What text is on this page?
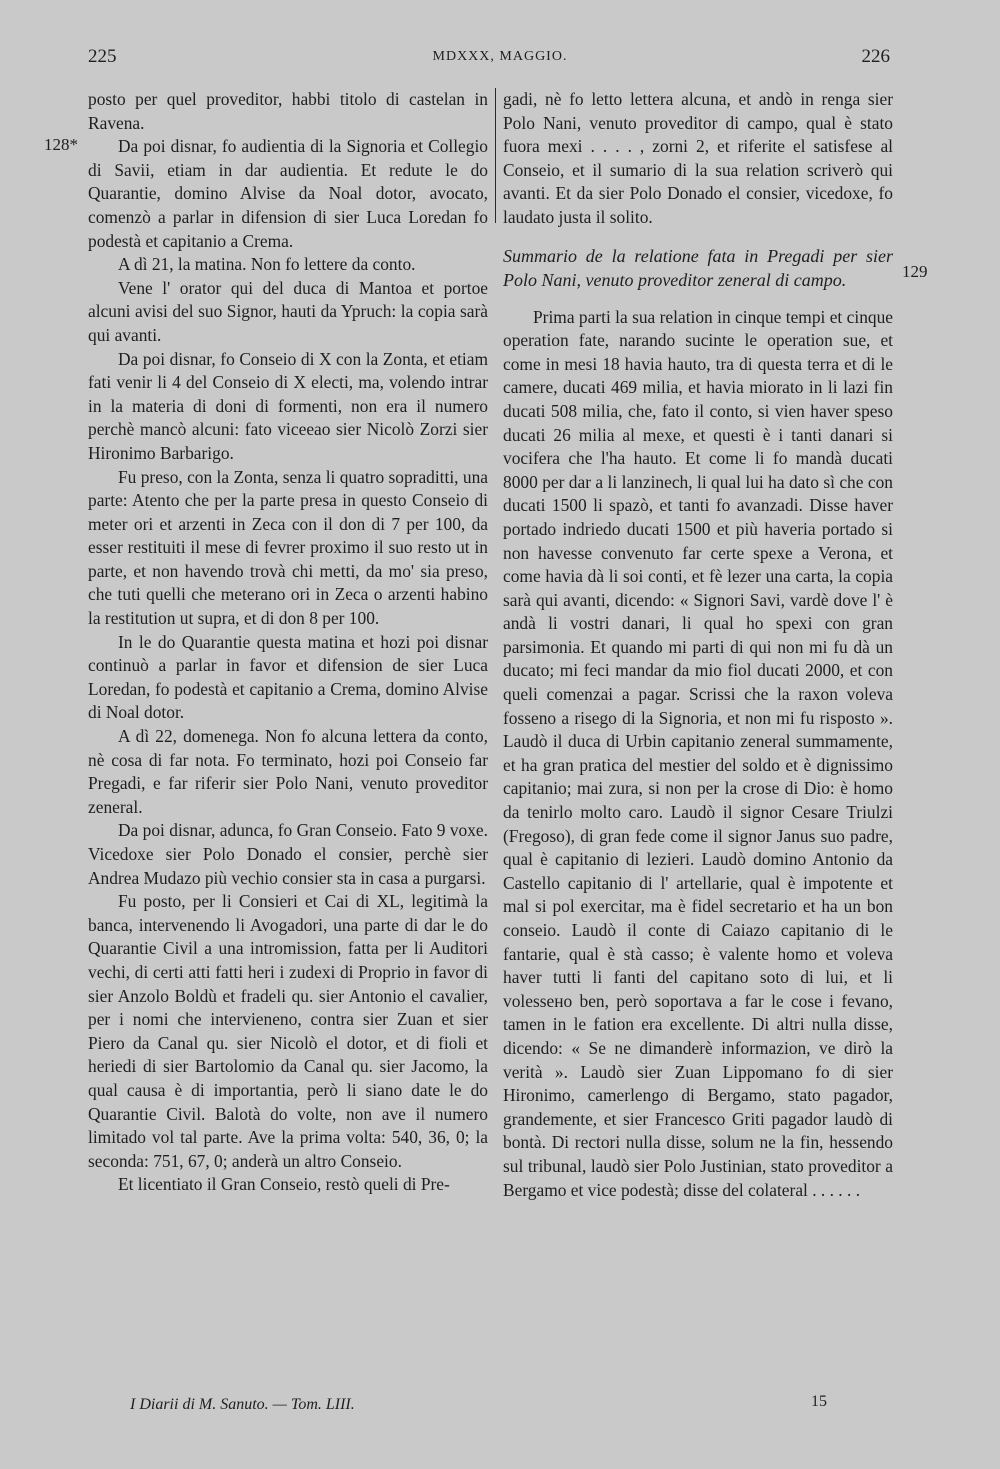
225	MDXXX, MAGGIO.	226
128*
129

posto per quel proveditor, habbi titolo di castelan in Ravena.

Da poi disnar, fo audientia di la Signoria et Collegio di Savii, etiam in dar audientia. Et redute le do Quarantie, domino Alvise da Noal dotor, avocato, comenzò a parlar in difension di sier Luca Loredan fo podestà et capitanio a Crema.

A dì 21, la matina. Non fo lettere da conto.

Vene l' orator qui del duca di Mantoa et portoe alcuni avisi del suo Signor, hauti da Ypruch: la copia sarà qui avanti.

Da poi disnar, fo Conseio di X con la Zonta, et etiam fati venir li 4 del Conseio di X electi, ma, volendo intrar in la materia di doni di formenti, non era il numero perchè mancò alcuni: fato viceeao sier Nicolò Zorzi sier Hironimo Barbarigo.

Fu preso, con la Zonta, senza li quatro sopraditti, una parte: Atento che per la parte presa in questo Conseio di meter ori et arzenti in Zeca con il don di 7 per 100, da esser restituiti il mese di fevrer proximo il suo resto ut in parte, et non havendo trovà chi metti, da mo' sia preso, che tuti quelli che meterano ori in Zeca o arzenti habino la restitution ut supra, et di don 8 per 100.

In le do Quarantie questa matina et hozi poi disnar continuò a parlar in favor et difension de sier Luca Loredan, fo podestà et capitanio a Crema, domino Alvise di Noal dotor.

A dì 22, domenega. Non fo alcuna lettera da conto, nè cosa di far nota. Fo terminato, hozi poi Conseio far Pregadi, e far riferir sier Polo Nani, venuto proveditor zeneral.

Da poi disnar, adunca, fo Gran Conseio. Fato 9 voxe. Vicedoxe sier Polo Donado el consier, perchè sier Andrea Mudazo più vechio consier sta in casa a purgarsi.

Fu posto, per li Consieri et Cai di XL, legitimà la banca, intervenendo li Avogadori, una parte di dar le do Quarantie Civil a una intromission, fatta per li Auditori vechi, di certi atti fatti heri i zudexi di Proprio in favor di sier Anzolo Boldù et fradeli qu. sier Antonio el cavalier, per i nomi che intervieneno, contra sier Zuan et sier Piero da Canal qu. sier Nicolò el dotor, et di fioli et heriedi di sier Bartolomio da Canal qu. sier Jacomo, la qual causa è di importantia, però li siano date le do Quarantie Civil. Balotà do volte, non ave il numero limitado vol tal parte. Ave la prima volta: 540, 36, 0; la seconda: 751, 67, 0; anderà un altro Conseio.

Et licentiato il Gran Conseio, restò queli di Pre-

gadi, nè fo letto lettera alcuna, et andò in renga sier Polo Nani, venuto proveditor di campo, qual è stato fuora mexi . . . . , zorni 2, et riferite el satisfese al Conseio, et il sumario di la sua relation scriverò qui avanti. Et da sier Polo Donado el consier, vicedoxe, fo laudato justa il solito.

Summario de la relatione fata in Pregadi per sier Polo Nani, venuto proveditor zeneral di campo.

Prima parti la sua relation in cinque tempi et cinque operation fate, narando sucinte le operation sue, et come in mesi 18 havia hauto, tra di questa terra et di le camere, ducati 469 milia, et havia miorato in li lazi fin ducati 508 milia, che, fato il conto, si vien haver speso ducati 26 milia al mexe, et questi è i tanti danari si vocifera che l'ha hauto. Et come li fo mandà ducati 8000 per dar a li lanzinech, li qual lui ha dato sì che con ducati 1500 li spazò, et tanti fo avanzadi. Disse haver portado indriedo ducati 1500 et più haveria portado si non havesse convenuto far certe spexe a Verona, et come havia dà li soi conti, et fè lezer una carta, la copia sarà qui avanti, dicendo: « Signori Savi, vardè dove l' è andà li vostri danari, li qual ho spexi con gran parsimonia. Et quando mi parti di qui non mi fu dà un ducato; mi feci mandar da mio fiol ducati 2000, et con queli comenzai a pagar. Scrissi che la raxon voleva fosseno a risego di la Signoria, et non mi fu risposto ». Laudò il duca di Urbin capitanio zeneral summamente, et ha gran pratica del mestier del soldo et è dignissimo capitanio; mai zura, si non per la crose di Dio: è homo da tenirlo molto caro. Laudò il signor Cesare Triulzi (Fregoso), di gran fede come il signor Janus suo padre, qual è capitanio di lezieri. Laudò domino Antonio da Castello capitanio di l' artellarie, qual è impotente et mal si pol exercitar, ma è fidel secretario et ha un bon conseio. Laudò il conte di Caiazo capitanio di le fantarie, qual è stà casso; è valente homo et voleva haver tutti li fanti del capitano soto di lui, et li volessено ben, però soportava a far le cose i fevano, tamen in le fation era excellente. Di altri nulla disse, dicendo: « Se ne dimanderè informazion, ve dirò la verità ». Laudò sier Zuan Lippomano fo di sier Hironimo, camerlengo di Bergamo, stato pagador, grandemente, et sier Francesco Griti pagador laudò di bontà. Di rectori nulla disse, solum ne la fin, hessendo sul tribunal, laudò sier Polo Justinian, stato proveditor a Bergamo et vice podestà; disse del colateral . . . . . .

I Diarii di M. Sanuto. — Tom. LIII.	15
